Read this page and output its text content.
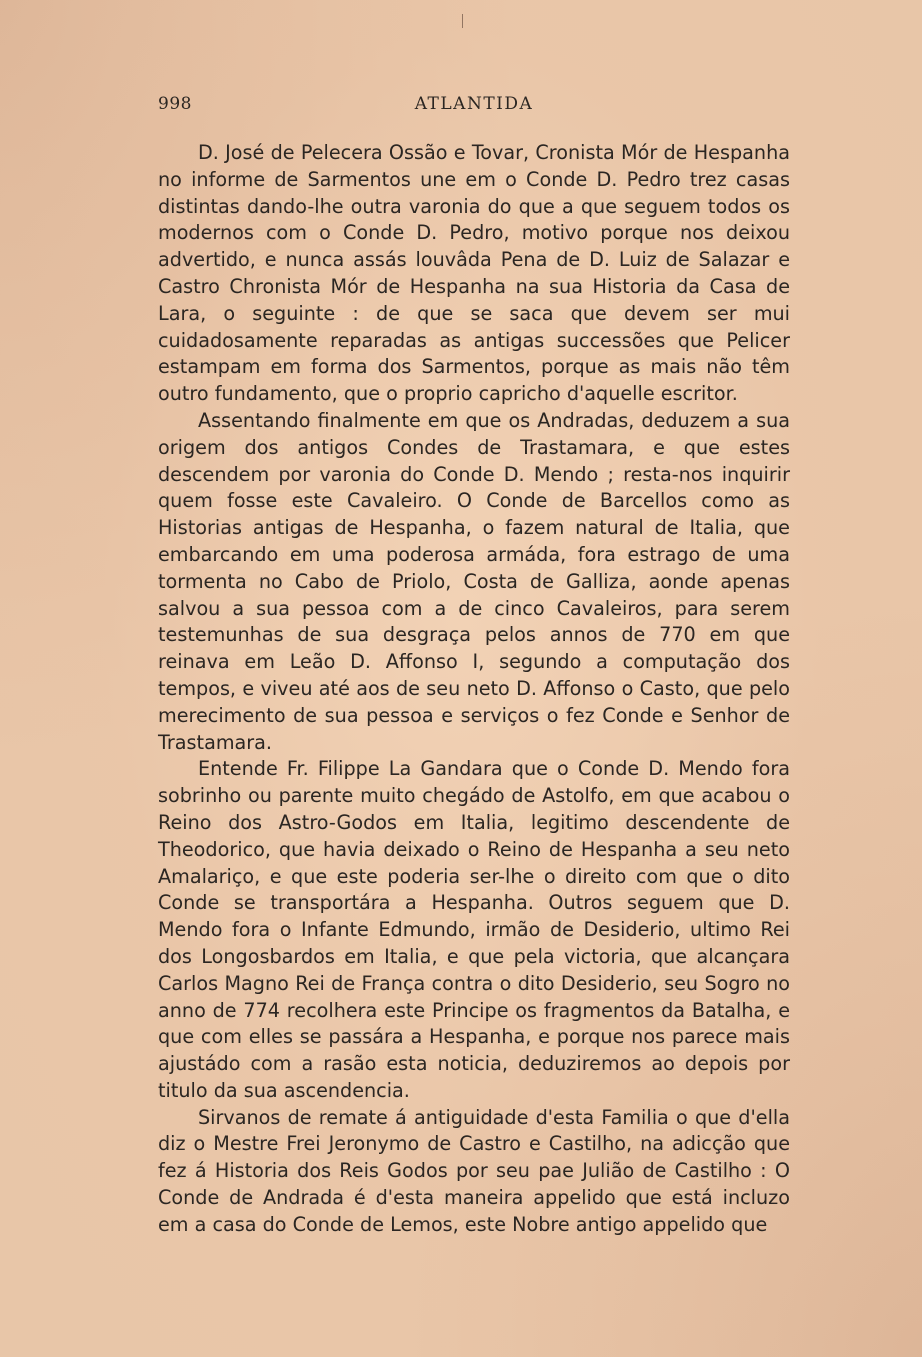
998	ATLANTIDA

D. José de Pelecera Ossão e Tovar, Cronista Mór de Hespanha no informe de Sarmentos une em o Conde D. Pedro trez casas distintas dando-lhe outra varonia do que a que seguem todos os modernos com o Conde D. Pedro, motivo porque nos deixou advertido, e nunca assás louvâda Pena de D. Luiz de Salazar e Castro Chronista Mór de Hespanha na sua Historia da Casa de Lara, o seguinte : de que se saca que devem ser mui cuidadosamente reparadas as antigas successões que Pelicer estampam em forma dos Sarmentos, porque as mais não têm outro fundamento, que o proprio capricho d'aquelle escritor.

Assentando finalmente em que os Andradas, deduzem a sua origem dos antigos Condes de Trastamara, e que estes descendem por varonia do Conde D. Mendo ; resta-nos inquirir quem fosse este Cavaleiro. O Conde de Barcellos como as Historias antigas de Hespanha, o fazem natural de Italia, que embarcando em uma poderosa armáda, fora estrago de uma tormenta no Cabo de Priolo, Costa de Galliza, aonde apenas salvou a sua pessoa com a de cinco Cavaleiros, para serem testemunhas de sua desgraça pelos annos de 770 em que reinava em Leão D. Affonso I, segundo a computação dos tempos, e viveu até aos de seu neto D. Affonso o Casto, que pelo merecimento de sua pessoa e serviços o fez Conde e Senhor de Trastamara.

Entende Fr. Filippe La Gandara que o Conde D. Mendo fora sobrinho ou parente muito chegádo de Astolfo, em que acabou o Reino dos Astro-Godos em Italia, legitimo descendente de Theodorico, que havia deixado o Reino de Hespanha a seu neto Amalariço, e que este poderia ser-lhe o direito com que o dito Conde se transportára a Hespanha. Outros seguem que D. Mendo fora o Infante Edmundo, irmão de Desiderio, ultimo Rei dos Longosbardos em Italia, e que pela victoria, que alcançara Carlos Magno Rei de França contra o dito Desiderio, seu Sogro no anno de 774 recolhera este Principe os fragmentos da Batalha, e que com elles se passára a Hespanha, e porque nos parece mais ajustádo com a rasão esta noticia, deduziremos ao depois por titulo da sua ascendencia.

Sirvanos de remate á antiguidade d'esta Familia o que d'ella diz o Mestre Frei Jeronymo de Castro e Castilho, na adicção que fez á Historia dos Reis Godos por seu pae Julião de Castilho : O Conde de Andrada é d'esta maneira appelido que está incluzo em a casa do Conde de Lemos, este Nobre antigo appelido que
